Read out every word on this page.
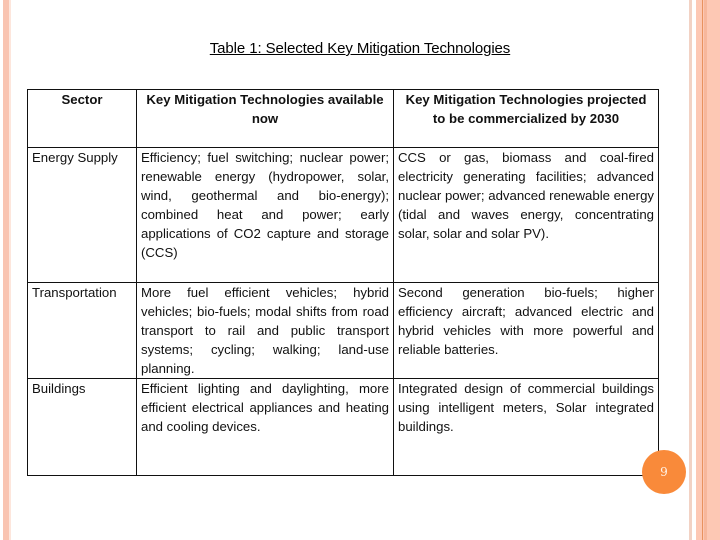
Table 1: Selected Key Mitigation Technologies
Sector	Key Mitigation Technologies available now	Key Mitigation Technologies projected to be commercialized by 2030
Energy Supply	Efficiency; fuel switching; nuclear power; renewable energy (hydropower, solar, wind, geothermal and bio-energy); combined heat and power; early applications of CO2 capture and storage (CCS)	CCS or gas, biomass and coal-fired electricity generating facilities; advanced nuclear power; advanced renewable energy (tidal and waves energy, concentrating solar, solar and solar PV).
Transportation	More fuel efficient vehicles; hybrid vehicles; bio-fuels; modal shifts from road transport to rail and public transport systems; cycling; walking; land-use planning.	Second generation bio-fuels; higher efficiency aircraft; advanced electric and hybrid vehicles with more powerful and reliable batteries.
Buildings	Efficient lighting and daylighting, more efficient electrical appliances and heating and cooling devices.	Integrated design of commercial buildings using intelligent meters, Solar integrated buildings.
9
